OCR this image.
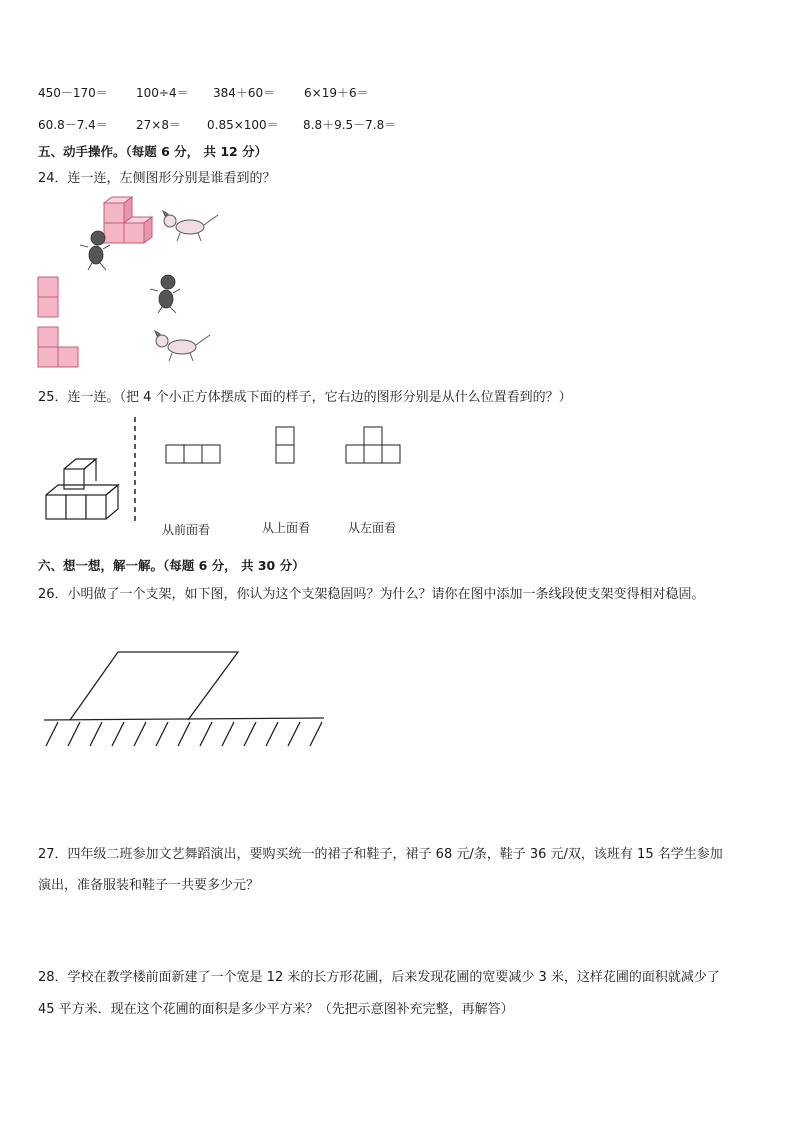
450－170＝ 100÷4＝ 384＋60＝ 6×19＋6＝
60.8－7.4＝ 27×8＝ 0.85×100＝ 8.8＋9.5－7.8＝
五、动手操作。（每题 6 分， 共 12 分）
24．连一连，左侧图形分别是谁看到的？
25．连一连。（把 4 个小正方体摆成下面的样子，它右边的图形分别是从什么位置看到的？）
从前面看	从上面看	从左面看
六、想一想，解一解。（每题 6 分， 共 30 分）
26．小明做了一个支架，如下图，你认为这个支架稳固吗？为什么？请你在图中添加一条线段使支架变得相对稳固。
27．四年级二班参加文艺舞蹈演出，要购买统一的裙子和鞋子，裙子 68 元/条，鞋子 36 元/双，该班有 15 名学生参加
演出，准备服装和鞋子一共要多少元？
28．学校在教学楼前面新建了一个宽是 12 米的长方形花圃，后来发现花圃的宽要减少 3 米，这样花圃的面积就减少了
45 平方米．现在这个花圃的面积是多少平方米？（先把示意图补充完整，再解答）
